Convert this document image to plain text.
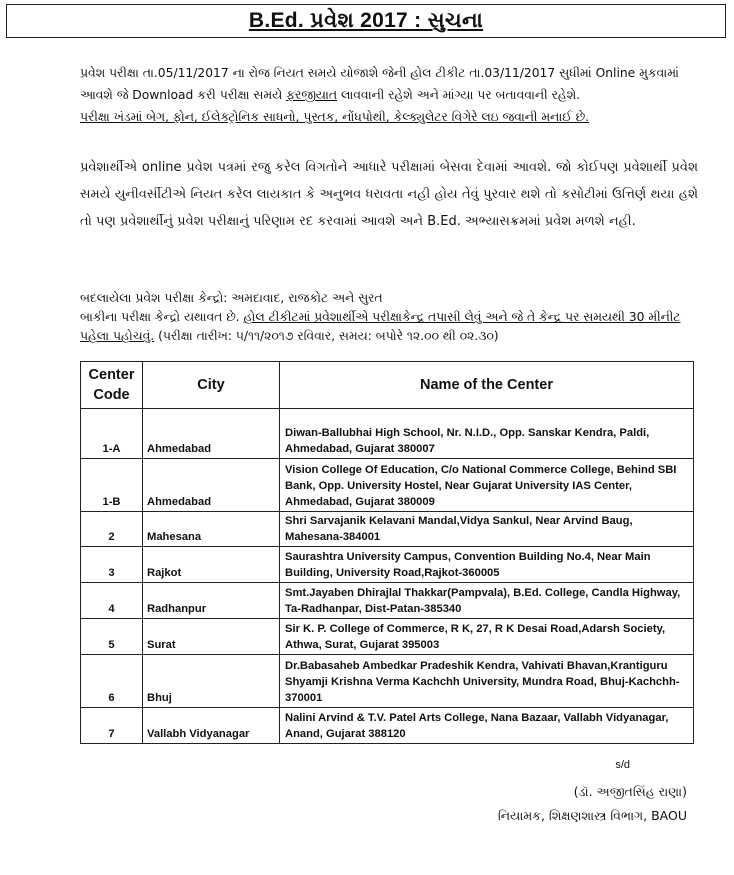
B.Ed. પ્રવેશ 2017 : સુચના
પ્રવેશ પરીક્ષા તા.05/11/2017 ના રોજ નિયત સમયે યોજાશે જેની હોલ ટીકીટ તા.03/11/2017 સુધીમાં Online મુકવામાં આવશે જે Download કરી પરીક્ષા સમયે ફરજીયાત લાવવાની રહેશે અને માંગ્યા પર બતાવવાની રહેશે.
પરીક્ષા ખંડમાં બેગ, ફોન, ઈલેક્ટ્રોનિક સાધનો, પુસ્તક, નોંધપોથી, કેલ્ક્યુલેટર વિગેરે લઇ જવાની મનાઈ છે.
પ્રવેશાર્થીએ online પ્રવેશ પત્રમાં રજુ કરેલ વિગતોને આધારે પરીક્ષામાં બેસવા દેવામાં આવશે. જો કોઈપણ પ્રવેશાર્થી પ્રવેશ સમયે યુનીવર્સીટીએ નિયત કરેલ લાયકાત કે અનુભવ ધરાવતા નહી હોય તેવું પુરવાર થશે તો કસોટીમાં ઉત્તિર્ણ થયા હશે તો પણ પ્રવેશાર્થીનું પ્રવેશ પરીક્ષાનું પરિણામ રદ કરવામાં આવશે અને B.Ed. અભ્યાસક્રમમાં પ્રવેશ મળશે નહી.
બદલાયેલા પ્રવેશ પરીક્ષા કેન્દ્રો: અમદાવાદ, રાજકોટ અને સુરત
બાકીના પરીક્ષા કેન્દ્રો યથાવત છે. હોલ ટીકીટમાં પ્રવેશાર્થીએ પરીક્ષાકેન્દ્ર તપાસી લેવું અને જે તે કેન્દ્ર પર સમયથી 30 મીનીટ પહેલા પહોચવું. (પરીક્ષા તારીખ: ૫/૧૧/૨૦૧૭ રવિવાર, સમય: બપોરે ૧૨.૦૦ થી ૦૨.૩૦)
Center
Code	City	Name of the Center
1-A	Ahmedabad	Diwan-Ballubhai High School, Nr. N.I.D., Opp. Sanskar Kendra, Paldi, Ahmedabad, Gujarat 380007
1-B	Ahmedabad	Vision College Of Education, C/o National Commerce College, Behind SBI Bank, Opp. University Hostel, Near Gujarat University IAS Center, Ahmedabad, Gujarat 380009
2	Mahesana	Shri Sarvajanik Kelavani Mandal,Vidya Sankul, Near Arvind Baug, Mahesana-384001
3	Rajkot	Saurashtra University Campus, Convention Building No.4, Near Main Building, University Road,Rajkot-360005
4	Radhanpur	Smt.Jayaben Dhirajlal Thakkar(Pampvala), B.Ed. College, Candla Highway, Ta-Radhanpar, Dist-Patan-385340
5	Surat	Sir K. P. College of Commerce, R K, 27, R K Desai Road,Adarsh Society, Athwa, Surat, Gujarat 395003
6	Bhuj	Dr.Babasaheb Ambedkar Pradeshik Kendra, Vahivati Bhavan,Krantiguru Shyamji Krishna Verma Kachchh University, Mundra Road, Bhuj-Kachchh-370001
7	Vallabh Vidyanagar	Nalini Arvind & T.V. Patel Arts College, Nana Bazaar, Vallabh Vidyanagar, Anand, Gujarat 388120
s/d
(ડૉ. અજીતસિંહ રાણા)
નિયામક, શિક્ષણશાસ્ત્ર વિભાગ, BAOU
